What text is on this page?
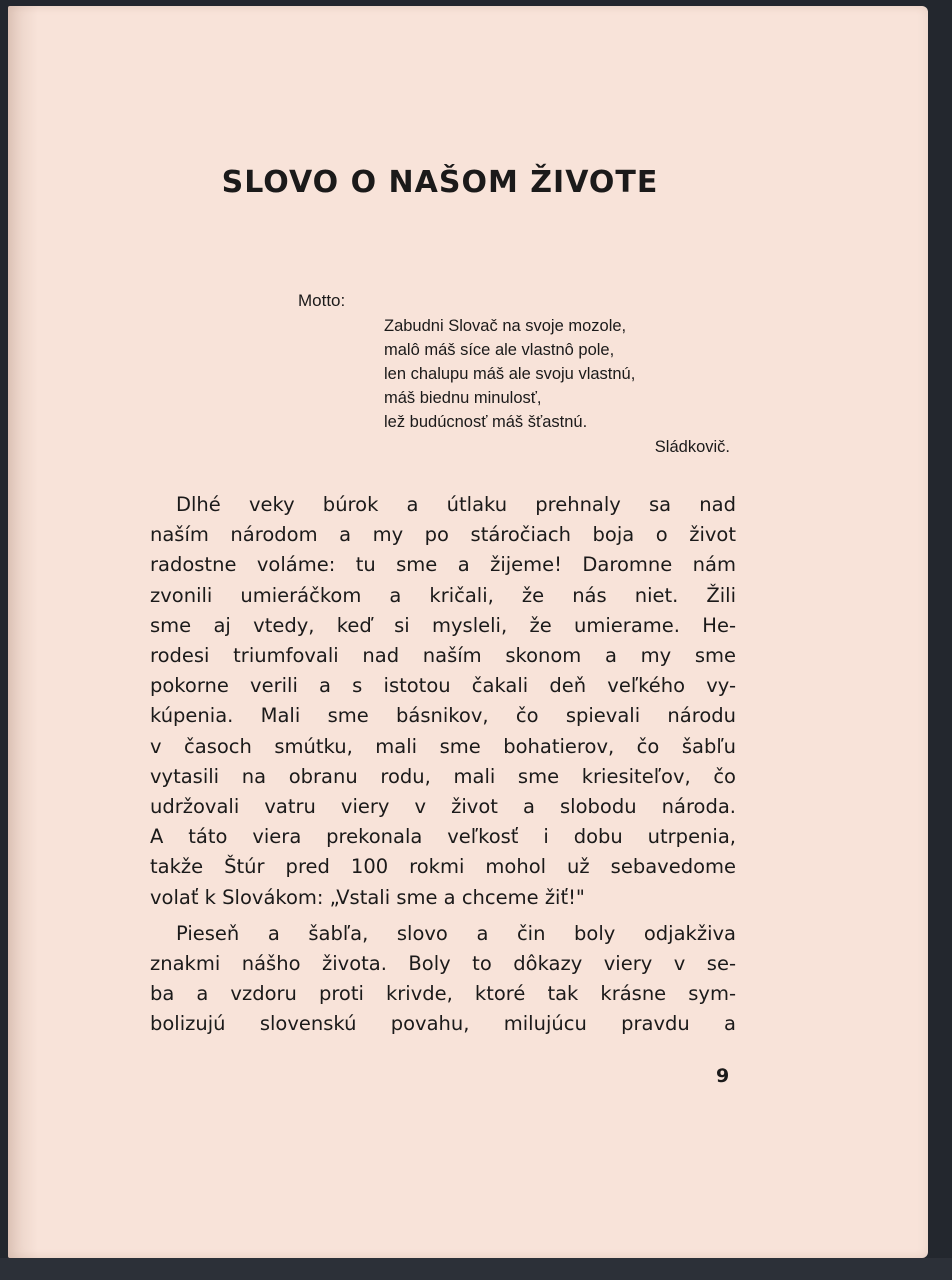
SLOVO O NAŠOM ŽIVOTE
Motto:
Zabudni Slovač na svoje mozole,
malô máš síce ale vlastnô pole,
len chalupu máš ale svoju vlastnú,
máš biednu minulosť,
lež budúcnosť máš šťastnú.
Sládkovič.
Dlhé veky búrok a útlaku prehnaly sa nad
naším národom a my po stáročiach boja o život
radostne voláme: tu sme a žijeme! Daromne nám
zvonili umieráčkom a kričali, že nás niet. Žili
sme aj vtedy, keď si mysleli, že umierame. He-
rodesi triumfovali nad naším skonom a my sme
pokorne verili a s istotou čakali deň veľkého vy-
kúpenia. Mali sme básnikov, čo spievali národu
v časoch smútku, mali sme bohatierov, čo šabľu
vytasili na obranu rodu, mali sme kriesiteľov, čo
udržovali vatru viery v život a slobodu národa.
A táto viera prekonala veľkosť i dobu utrpenia,
takže Štúr pred 100 rokmi mohol už sebavedome
volať k Slovákom: „Vstali sme a chceme žiť!"
Pieseň a šabľa, slovo a čin boly odjakživa
znakmi nášho života. Boly to dôkazy viery v se-
ba a vzdoru proti krivde, ktoré tak krásne sym-
bolizujú slovenskú povahu, milujúcu pravdu a
9
